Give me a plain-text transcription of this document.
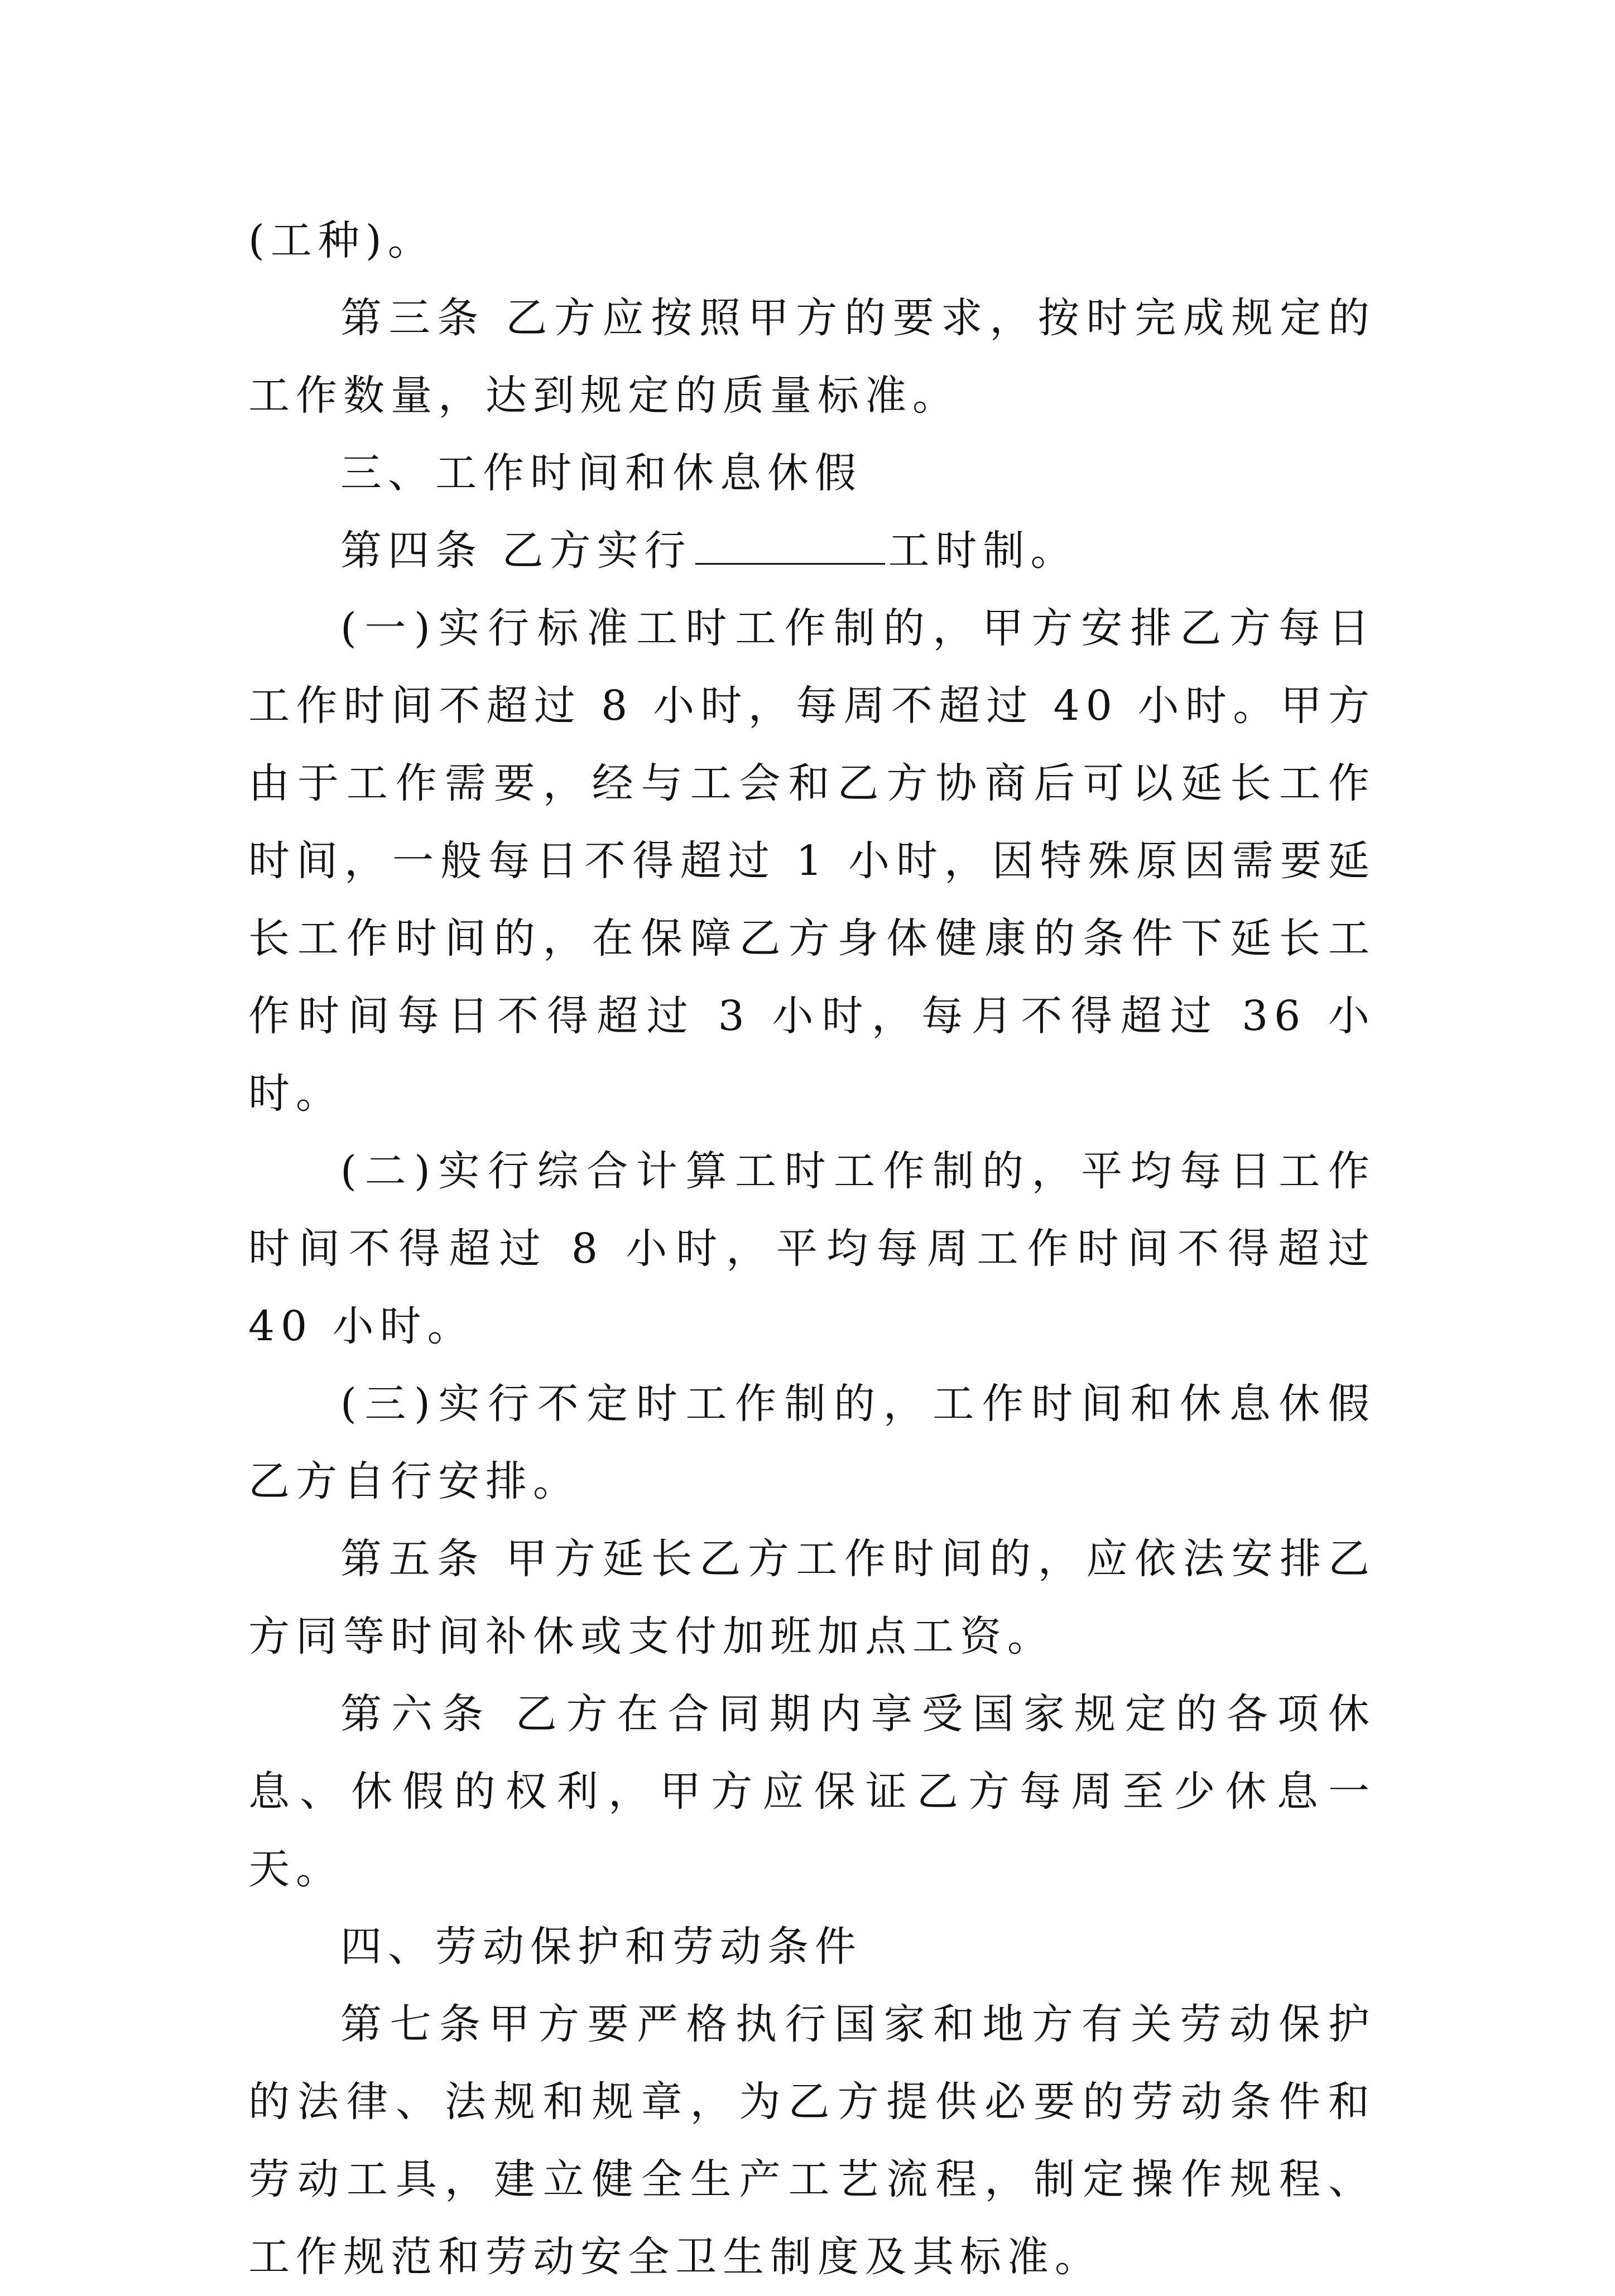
(工种)。

第三条 乙方应按照甲方的要求，按时完成规定的工作数量，达到规定的质量标准。

三、工作时间和休息休假

第四条 乙方实行	工时制。

(一)实行标准工时工作制的，甲方安排乙方每日工作时间不超过 8 小时，每周不超过 40 小时。甲方由于工作需要，经与工会和乙方协商后可以延长工作时间，一般每日不得超过 1 小时，因特殊原因需要延长工作时间的，在保障乙方身体健康的条件下延长工作时间每日不得超过 3 小时，每月不得超过 36 小时。

(二)实行综合计算工时工作制的，平均每日工作时间不得超过 8 小时，平均每周工作时间不得超过 40 小时。

(三)实行不定时工作制的，工作时间和休息休假乙方自行安排。

第五条 甲方延长乙方工作时间的，应依法安排乙方同等时间补休或支付加班加点工资。

第六条 乙方在合同期内享受国家规定的各项休息、休假的权利，甲方应保证乙方每周至少休息一天。

四、劳动保护和劳动条件

第七条甲方要严格执行国家和地方有关劳动保护的法律、法规和规章，为乙方提供必要的劳动条件和劳动工具，建立健全生产工艺流程，制定操作规程、工作规范和劳动安全卫生制度及其标准。
